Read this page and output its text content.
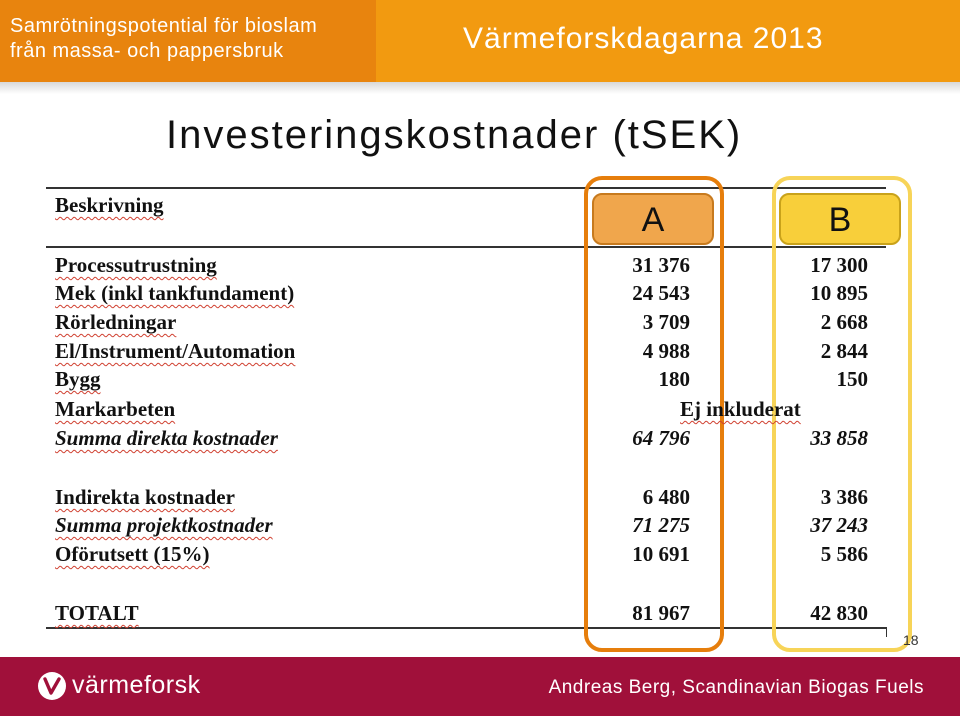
Samrötningspotential för bioslam
från massa- och pappersbruk	Värmeforskdagarna 2013
Investeringskostnader (tSEK)
Beskrivning	A	B
Processutrustning	31 376	17 300
Mek (inkl tankfundament)	24 543	10 895
Rörledningar	3 709	2 668
El/Instrument/Automation	4 988	2 844
Bygg	180	150
Markarbeten	Ej inkluderat
Summa direkta kostnader	64 796	33 858
Indirekta kostnader	6 480	3 386
Summa projektkostnader	71 275	37 243
Oförutsett (15%)	10 691	5 586
TOTALT	81 967	42 830
18
värmeforsk	Andreas Berg, Scandinavian Biogas Fuels
